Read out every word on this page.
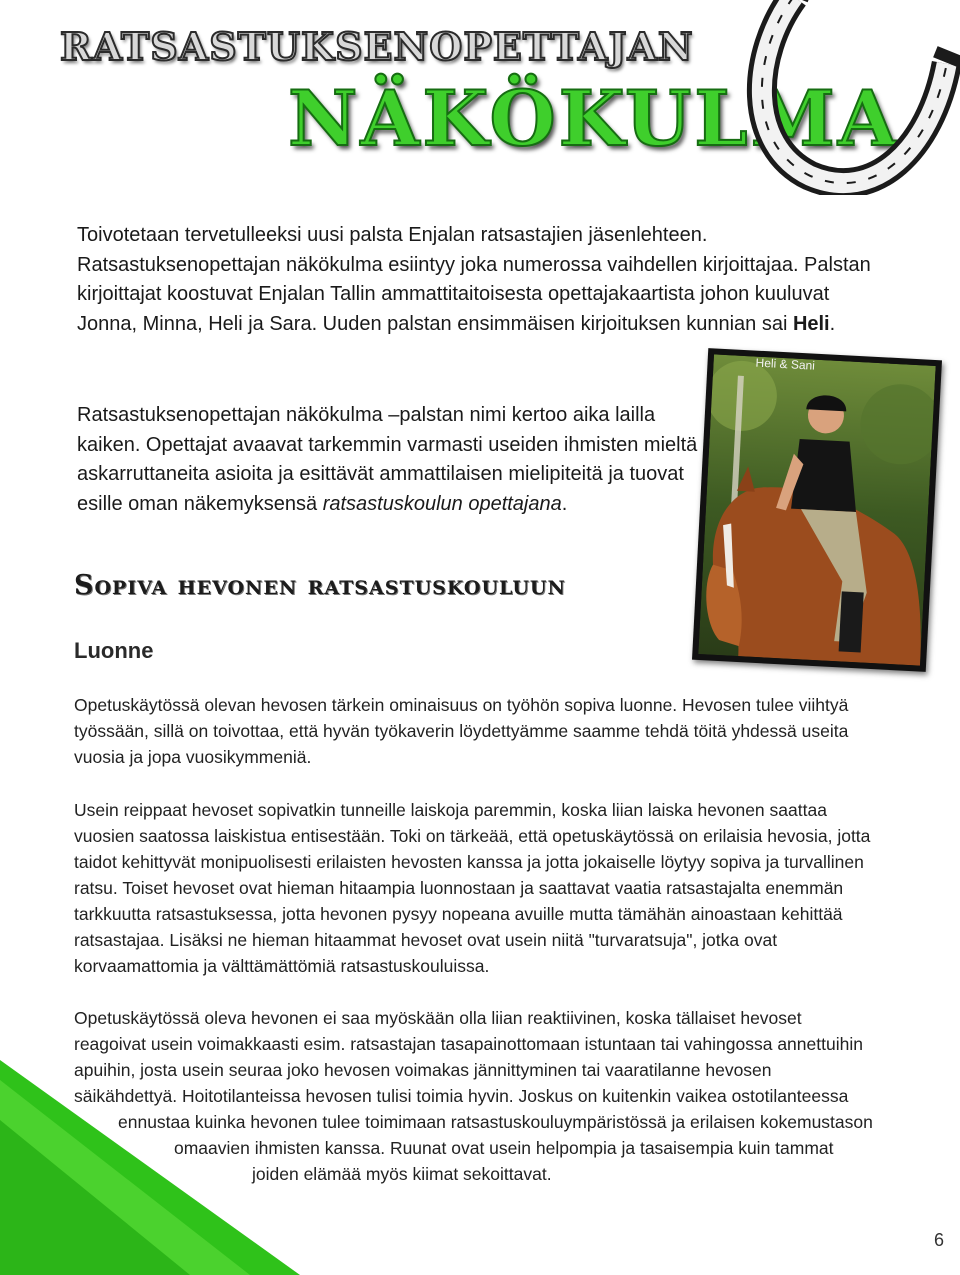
RATSASTUKSENOPETTAJAN
NÄKÖKULMA

Toivotetaan tervetulleeksi uusi palsta Enjalan ratsastajien jäsenlehteen. Ratsastuksenopettajan näkökulma esiintyy joka numerossa vaihdellen kirjoittajaa. Palstan kirjoittajat koostuvat Enjalan Tallin ammattitaitoisesta opettajakaartista johon kuuluvat Jonna, Minna, Heli ja Sara. Uuden palstan ensimmäisen kirjoituksen kunnian sai Heli.

Ratsastuksenopettajan näkökulma –palstan nimi kertoo aika lailla kaiken. Opettajat avaavat tarkemmin varmasti useiden ihmisten mieltä askarruttaneita asioita ja esittävät ammattilaisen mielipiteitä ja tuovat esille oman näkemyksensä ratsastuskoulun opettajana.

Heli & Sani
Sopiva hevonen ratsastuskouluun
Luonne

Opetuskäytössä olevan hevosen tärkein ominaisuus on työhön sopiva luonne. Hevosen tulee viihtyä
työssään, sillä on toivottaa, että hyvän työkaverin löydettyämme saamme tehdä töitä yhdessä useita
vuosia ja jopa vuosikymmeniä.

Usein reippaat hevoset sopivatkin tunneille laiskoja paremmin, koska liian laiska hevonen saattaa
vuosien saatossa laiskistua entisestään. Toki on tärkeää, että opetuskäytössä on erilaisia hevosia, jotta
taidot kehittyvät monipuolisesti erilaisten hevosten kanssa ja jotta jokaiselle löytyy sopiva ja turvallinen
ratsu. Toiset hevoset ovat hieman hitaampia luonnostaan ja saattavat vaatia ratsastajalta enemmän
tarkkuutta ratsastuksessa, jotta hevonen pysyy nopeana avuille mutta tämähän ainoastaan kehittää
ratsastajaa. Lisäksi ne hieman hitaammat hevoset ovat usein niitä "turvaratsuja", jotka ovat
korvaamattomia ja välttämättömiä ratsastuskouluissa.

Opetuskäytössä oleva hevonen ei saa myöskään olla liian reaktiivinen, koska tällaiset hevoset
reagoivat usein voimakkaasti esim. ratsastajan tasapainottomaan istuntaan tai vahingossa annettuihin
apuihin, josta usein seuraa joko hevosen voimakas jännittyminen tai vaaratilanne hevosen
säikähdettyä. Hoitotilanteissa hevosen tulisi toimia hyvin. Joskus on kuitenkin vaikea ostotilanteessa
ennustaa kuinka hevonen tulee toimimaan ratsastuskouluympäristössä ja erilaisen kokemustason
omaavien ihmisten kanssa. Ruunat ovat usein helpompia ja tasaisempia kuin tammat
joiden elämää myös kiimat sekoittavat.

6
